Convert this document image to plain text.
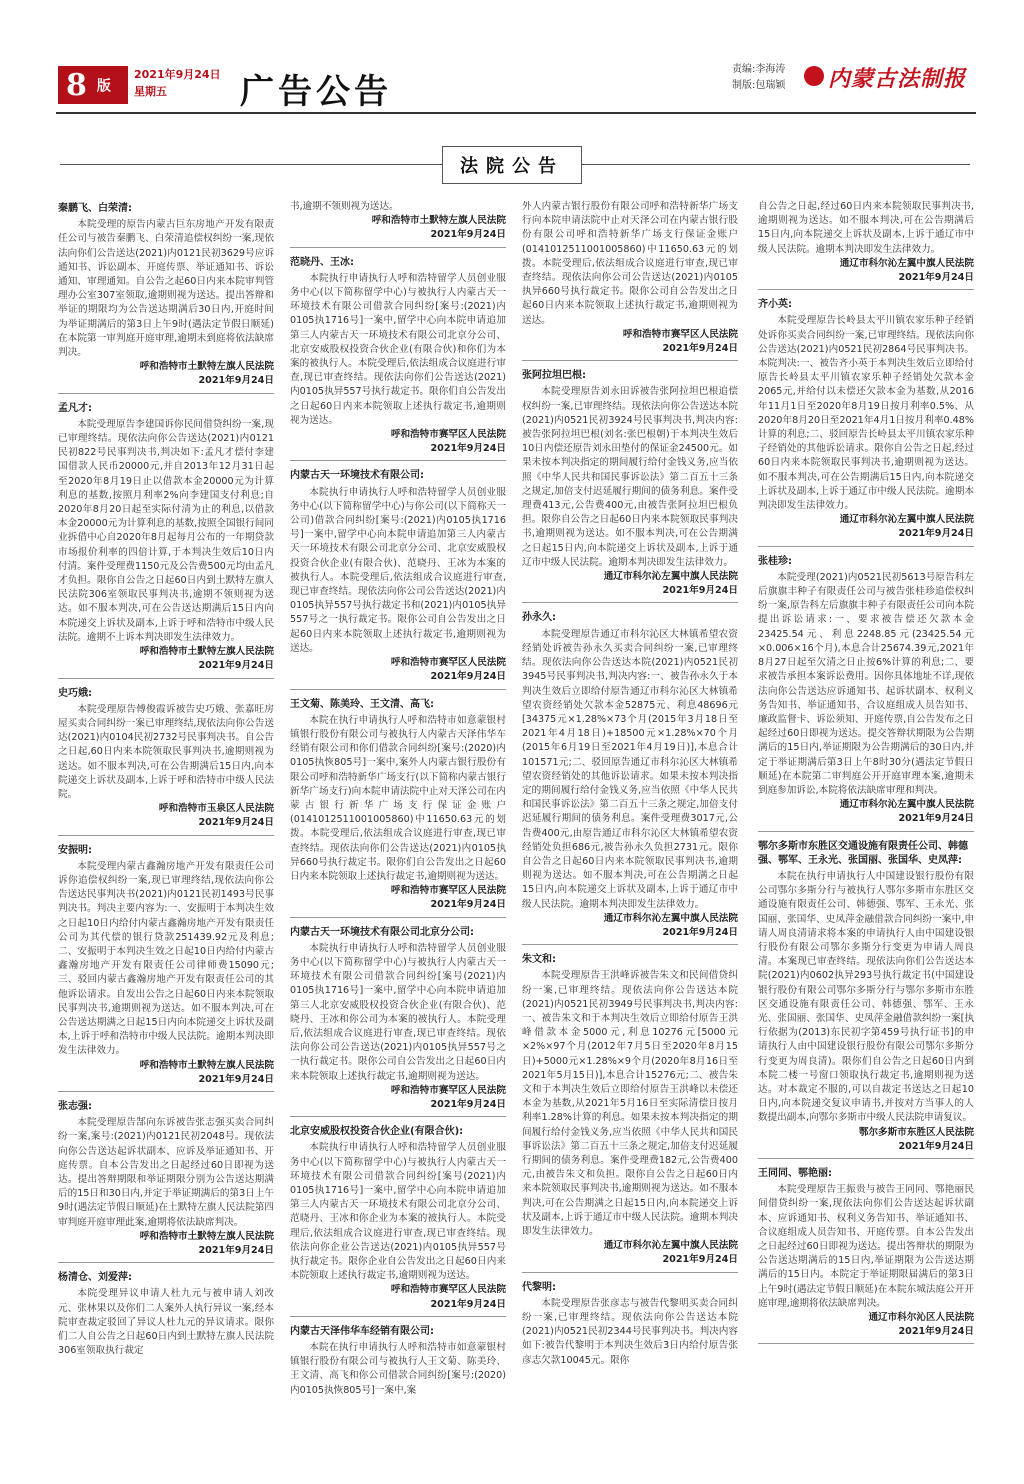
8 版
2021年9月24日
星期五	广告公告
责编:李海涛
制版:包瑞颖 内蒙古法制报
法院公告
秦鹏飞、白荣清:

本院受理的原告内蒙古巨东房地产开发有限责任公司与被告秦鹏飞、白荣清追偿权纠纷一案,现依法向你们公告送达(2021)内0121民初3629号应诉通知书、诉讼副本、开庭传票、举证通知书、诉讼通知、审理通知。自公告之起60日内来本院审判管理办公室307室领取,逾期则视为送达。提出答辩和举证的期限均为公告送达期满后30日内,开庭时间为举证期满后的第3日上午9时(遇法定节假日顺延)在本院第一审判庭开庭审理,逾期未到庭将依法缺席判决。

呼和浩特市土默特左旗人民法院

2021年9月24日

孟凡才:

本院受理原告李建国诉你民间借贷纠纷一案,现已审理终结。现依法向你公告送达(2021)内0121民初822号民事判决书,判决如下:孟凡才偿付李建国借款人民币20000元,并自2013年12月31日起至2020年8月19日止以借款本金20000元为计算利息的基数,按照月利率2%向李建国支付利息;自2020年8月20日起至实际付清为止的利息,以借款本金20000元为计算利息的基数,按照全国银行间同业拆借中心自2020年8月起每月公布的一年期贷款市场报价利率的四倍计算,于本判决生效后10日内付清。案件受理费1150元及公告费500元均由孟凡才负担。限你自公告之日起60日内到土默特左旗人民法院306室领取民事判决书,逾期不领则视为送达。如不服本判决,可在公告送达期满后15日内向本院递交上诉状及副本,上诉于呼和浩特市中级人民法院。逾期不上诉本判决即发生法律效力。

呼和浩特市土默特左旗人民法院

2021年9月24日

史巧娥:

本院受理原告傅俊霞诉被告史巧娥、张嘉旺房屋买卖合同纠纷一案已审理终结,现依法向你公告送达(2021)内0104民初2732号民事判决书。自公告之日起,60日内来本院领取民事判决书,逾期则视为送达。如不服本判决,可在公告期满后15日内,向本院递交上诉状及副本,上诉于呼和浩特市中级人民法院。

呼和浩特市玉泉区人民法院

2021年9月24日

安振明:

本院受理内蒙古鑫瀚房地产开发有限责任公司诉你追偿权纠纷一案,现已审理终结,现依法向你公告送达民事判决书(2021)内0121民初1493号民事判决书。判决主要内容为:一、安振明于本判决生效之日起10日内给付内蒙古鑫瀚房地产开发有限责任公司为其代偿的银行贷款251439.92元及利息;二、安振明于本判决生效之日起10日内给付内蒙古鑫瀚房地产开发有限责任公司律师费15090元;三、驳回内蒙古鑫瀚房地产开发有限责任公司的其他诉讼请求。自发出公告之日起60日内来本院领取民事判决书,逾期则视为送达。如不服本判决,可在公告送达期满之日起15日内向本院递交上诉状及副本,上诉于呼和浩特市中级人民法院。逾期本判决即发生法律效力。

呼和浩特市土默特左旗人民法院

2021年9月24日

张志强:

本院受理原告郜向东诉被告张志强买卖合同纠纷一案,案号:(2021)内0121民初2048号。现依法向你公告送达起诉状副本、应诉及举证通知书、开庭传票。自本公告发出之日起经过60日即视为送达。提出答辩期限和举证期限分别为公告送达期满后的15日和30日内,并定于举证期满后的第3日上午9时(遇法定节假日顺延)在土默特左旗人民法院第四审判庭开庭审理此案,逾期将依法缺席判决。

呼和浩特市土默特左旗人民法院

2021年9月24日

杨清仓、刘爱萍:

本院受理异议申请人杜九元与被申请人刘改元、张林果以及你们二人案外人执行异议一案,经本院审查裁定驳回了异议人杜九元的异议请求。限你们二人自公告之日起60日内到土默特左旗人民法院306室领取执行裁定

书,逾期不领则视为送达。

呼和浩特市土默特左旗人民法院

2021年9月24日

范晓丹、王冰:

本院执行申请执行人呼和浩特留学人员创业服务中心(以下简称留学中心)与被执行人内蒙古天一环境技术有限公司借款合同纠纷[案号:(2021)内0105执1716号]一案中,留学中心向本院申请追加第三人内蒙古天一环境技术有限公司北京分公司、北京安威股权投资合伙企业(有限合伙)和你们为本案的被执行人。本院受理后,依法组成合议庭进行审查,现已审查终结。现依法向你们公告送达(2021)内0105执异557号执行裁定书。限你们自公告发出之日起60日内来本院领取上述执行裁定书,逾期则视为送达。

呼和浩特市赛罕区人民法院

2021年9月24日

内蒙古天一环境技术有限公司:

本院执行申请执行人呼和浩特留学人员创业服务中心(以下简称留学中心)与你公司(以下简称天一公司)借款合同纠纷[案号:(2021)内0105执1716号]一案中,留学中心向本院申请追加第三人内蒙古天一环境技术有限公司北京分公司、北京安威股权投资合伙企业(有限合伙)、范晓丹、王冰为本案的被执行人。本院受理后,依法组成合议庭进行审查,现已审查终结。现依法向你公司公告送达(2021)内0105执异557号执行裁定书和(2021)内0105执异557号之一执行裁定书。限你公司自公告发出之日起60日内来本院领取上述执行裁定书,逾期则视为送达。

呼和浩特市赛罕区人民法院

2021年9月24日

王文菊、陈美玲、王文清、高飞:

本院在执行申请执行人呼和浩特市如意蒙银村镇银行股份有限公司与被执行人内蒙古天泽伟华车经销有限公司和你们借款合同纠纷[案号:(2020)内0105执恢805号]一案中,案外人内蒙古银行股份有限公司呼和浩特新华广场支行(以下简称内蒙古银行新华广场支行)向本院申请法院中止对天泽公司在内蒙古银行新华广场支行保证金账户(0141012511001005860)中11650.63元的划拨。本院受理后,依法组成合议庭进行审查,现已审查终结。现依法向你们公告送达(2021)内0105执异660号执行裁定书。限你们自公告发出之日起60日内来本院领取上述执行裁定书,逾期则视为送达。

呼和浩特市赛罕区人民法院

2021年9月24日

内蒙古天一环境技术有限公司北京分公司:

本院执行申请执行人呼和浩特留学人员创业服务中心(以下简称留学中心)与被执行人内蒙古天一环境技术有限公司借款合同纠纷[案号(2021)内0105执1716号]一案中,留学中心向本院申请追加第三人北京安威股权投资合伙企业(有限合伙)、范晓丹、王冰和你公司为本案的被执行人。本院受理后,依法组成合议庭进行审查,现已审查终结。现依法向你公司公告送达(2021)内0105执异557号之一执行裁定书。限你公司自公告发出之日起60日内来本院领取上述执行裁定书,逾期则视为送达。

呼和浩特市赛罕区人民法院

2021年9月24日

北京安威股权投资合伙企业(有限合伙):

本院执行申请执行人呼和浩特留学人员创业服务中心(以下简称留学中心)与被执行人内蒙古天一环境技术有限公司借款合同纠纷[案号(2021)内0105执1716号]一案中,留学中心向本院申请追加第三人内蒙古天一环境技术有限公司北京分公司、范晓丹、王冰和你企业为本案的被执行人。本院受理后,依法组成合议庭进行审查,现已审查终结。现依法向你企业公告送达(2021)内0105执异557号执行裁定书。限你企业自公告发出之日起60日内来本院领取上述执行裁定书,逾期则视为送达。

呼和浩特市赛罕区人民法院

2021年9月24日

内蒙古天泽伟华车经销有限公司:

本院在执行申请执行人呼和浩特市如意蒙银村镇银行股份有限公司与被执行人王文菊、陈美玲、王文清、高飞和你公司借款合同纠纷[案号:(2020)内0105执恢805号]一案中,案

外人内蒙古银行股份有限公司呼和浩特新华广场支行向本院申请法院中止对天泽公司在内蒙古银行股份有限公司呼和浩特新华广场支行保证金账户(0141012511001005860)中11650.63元的划拨。本院受理后,依法组成合议庭进行审查,现已审查终结。现依法向你公司公告送达(2021)内0105执异660号执行裁定书。限你公司自公告发出之日起60日内来本院领取上述执行裁定书,逾期则视为送达。

呼和浩特市赛罕区人民法院

2021年9月24日

张阿拉坦巴根:

本院受理原告刘永田诉被告张阿拉坦巴根追偿权纠纷一案,已审理终结。现依法向你公告送达本院(2021)内0521民初3924号民事判决书,判决内容:被告张阿拉坦巴根(刘名:张巴根朝)于本判决生效后10日内偿还原告刘永田垫付的保证金24500元。如果未按本判决指定的期间履行给付金钱义务,应当依照《中华人民共和国民事诉讼法》第二百五十三条之规定,加倍支付迟延履行期间的债务利息。案件受理费413元,公告费400元,由被告张阿拉坦巴根负担。限你自公告之日起60日内来本院领取民事判决书,逾期则视为送达。如不服本判决,可在公告期满之日起15日内,向本院递交上诉状及副本,上诉于通辽市中级人民法院。逾期本判决即发生法律效力。

通辽市科尔沁左翼中旗人民法院

2021年9月24日

孙永久:

本院受理原告通辽市科尔沁区大林镇希望农资经销处诉被告孙永久买卖合同纠纷一案,已审理终结。现依法向你公告送达本院(2021)内0521民初3945号民事判决书,判决内容:一、被告孙永久于本判决生效后立即给付原告通辽市科尔沁区大林镇希望农资经销处欠款本金52875元、利息48696元[34375元×1.28%×73个月(2015年3月18日至2021年4月18日)+18500元×1.28%×70个月(2015年6月19日至2021年4月19日)],本息合计101571元;二、驳回原告通辽市科尔沁区大林镇希望农资经销处的其他诉讼请求。如果未按本判决指定的期间履行给付金钱义务,应当依照《中华人民共和国民事诉讼法》第二百五十三条之规定,加倍支付迟延履行期间的债务利息。案件受理费3017元,公告费400元,由原告通辽市科尔沁区大林镇希望农资经销处负担686元,被告孙永久负担2731元。限你自公告之日起60日内来本院领取民事判决书,逾期则视为送达。如不服本判决,可在公告期满之日起15日内,向本院递交上诉状及副本,上诉于通辽市中级人民法院。逾期本判决即发生法律效力。

通辽市科尔沁左翼中旗人民法院

2021年9月24日

朱文和:

本院受理原告王洪峰诉被告朱文和民间借贷纠纷一案,已审理终结。现依法向你公告送达本院(2021)内0521民初3949号民事判决书,判决内容:一、被告朱文和于本判决生效后立即给付原告王洪峰借款本金5000元,利息10276元[5000元×2%×97个月(2012年7月5日至2020年8月15日)+5000元×1.28%×9个月(2020年8月16日至2021年5月15日)],本息合计15276元;二、被告朱文和于本判决生效后立即给付原告王洪峰以未偿还本金为基数,从2021年5月16日至实际清偿日按月利率1.28%计算的利息。如果未按本判决指定的期间履行给付金钱义务,应当依照《中华人民共和国民事诉讼法》第二百五十三条之规定,加倍支付迟延履行期间的债务利息。案件受理费182元,公告费400元,由被告朱文和负担。限你自公告之日起60日内来本院领取民事判决书,逾期则视为送达。如不服本判决,可在公告期满之日起15日内,向本院递交上诉状及副本,上诉于通辽市中级人民法院。逾期本判决即发生法律效力。

通辽市科尔沁左翼中旗人民法院

2021年9月24日

代黎明:

本院受理原告张彦志与被告代黎明买卖合同纠纷一案,已审理终结。现依法向你公告送达本院(2021)内0521民初2344号民事判决书。判决内容如下:被告代黎明于本判决生效后3日内给付原告张彦志欠款10045元。限你

自公告之日起,经过60日内来本院领取民事判决书,逾期则视为送达。如不服本判决,可在公告期满后15日内,向本院递交上诉状及副本,上诉于通辽市中级人民法院。逾期本判决即发生法律效力。

通辽市科尔沁左翼中旗人民法院

2021年9月24日

齐小英:

本院受理原告长岭县太平川镇农家乐种子经销处诉你买卖合同纠纷一案,已审理终结。现依法向你公告送达(2021)内0521民初2864号民事判决书。本院判决:一、被告齐小英于本判决生效后立即给付原告长岭县太平川镇农家乐种子经销处欠款本金2065元,并给付以未偿还欠款本金为基数,从2016年11月1日至2020年8月19日按月利率0.5%、从2020年8月20日至2021年4月1日按月利率0.48%计算的利息;二、驳回原告长岭县太平川镇农家乐种子经销处的其他诉讼请求。限你自公告之日起,经过60日内来本院领取民事判决书,逾期则视为送达。如不服本判决,可在公告期满后15日内,向本院递交上诉状及副本,上诉于通辽市中级人民法院。逾期本判决即发生法律效力。

通辽市科尔沁左翼中旗人民法院

2021年9月24日

张桂珍:

本院受理(2021)内0521民初5613号原告科左后旗旗丰种子有限责任公司与被告张桂珍追偿权纠纷一案,原告科左后旗旗丰种子有限责任公司向本院提出诉讼请求:一、要求被告偿还欠款本金23425.54元、利息2248.85元(23425.54元×0.006×16个月),本息合计25674.39元,2021年8月27日起至欠清之日止按6%计算的利息;二、要求被告承担本案诉讼费用。因你具体地址不详,现依法向你公告送达应诉通知书、起诉状副本、权利义务告知书、举证通知书、合议庭组成人员告知书、廉政监督卡、诉讼须知、开庭传票,自公告发布之日起经过60日即视为送达。提交答辩状期限为公告期满后的15日内,举证期限为公告期满后的30日内,并定于举证期满后第3日上午8时30分(遇法定节假日顺延)在本院第二审判庭公开开庭审理本案,逾期未到庭参加诉讼,本院将依法缺席审理和判决。

通辽市科尔沁左翼中旗人民法院

2021年9月24日

鄂尔多斯市东胜区交通设施有限责任公司、韩德强、鄂军、王永光、张国丽、张国华、史凤萍:

本院在执行申请执行人中国建设银行股份有限公司鄂尔多斯分行与被执行人鄂尔多斯市东胜区交通设施有限责任公司、韩德强、鄂军、王永光、张国丽、张国华、史凤萍金融借款合同纠纷一案中,申请人周良清请求将本案的申请执行人由中国建设银行股份有限公司鄂尔多斯分行变更为申请人周良清。本案现已审查终结。现依法向你们公告送达本院(2021)内0602执异293号执行裁定书(中国建设银行股份有限公司鄂尔多斯分行与鄂尔多斯市东胜区交通设施有限责任公司、韩德强、鄂军、王永光、张国丽、张国华、史凤萍金融借款纠纷一案[执行依据为(2013)东民初字第459号执行证书]的申请执行人由中国建设银行股份有限公司鄂尔多斯分行变更为周良清)。限你们自公告之日起60日内到本院二楼一号窗口领取执行裁定书,逾期则视为送达。对本裁定不服的,可以自裁定书送达之日起10日内,向本院递交复议申请书,并按对方当事人的人数提出副本,向鄂尔多斯市中级人民法院申请复议。

鄂尔多斯市东胜区人民法院

2021年9月24日

王同同、鄂艳丽:

本院受理原告王振贵与被告王同同、鄂艳丽民间借贷纠纷一案,现依法向你们公告送达起诉状副本、应诉通知书、权利义务告知书、举证通知书、合议庭组成人员告知书、开庭传票。自本公告发出之日起经过60日即视为送达。提出答辩状的期限为公告送达期满后的15日内,举证期限为公告送达期满后的15日内。本院定于举证期限届满后的第3日上午9时(遇法定节假日顺延)在本院东城法庭公开开庭审理,逾期将依法缺席判决。

通辽市科尔沁区人民法院

2021年9月24日
